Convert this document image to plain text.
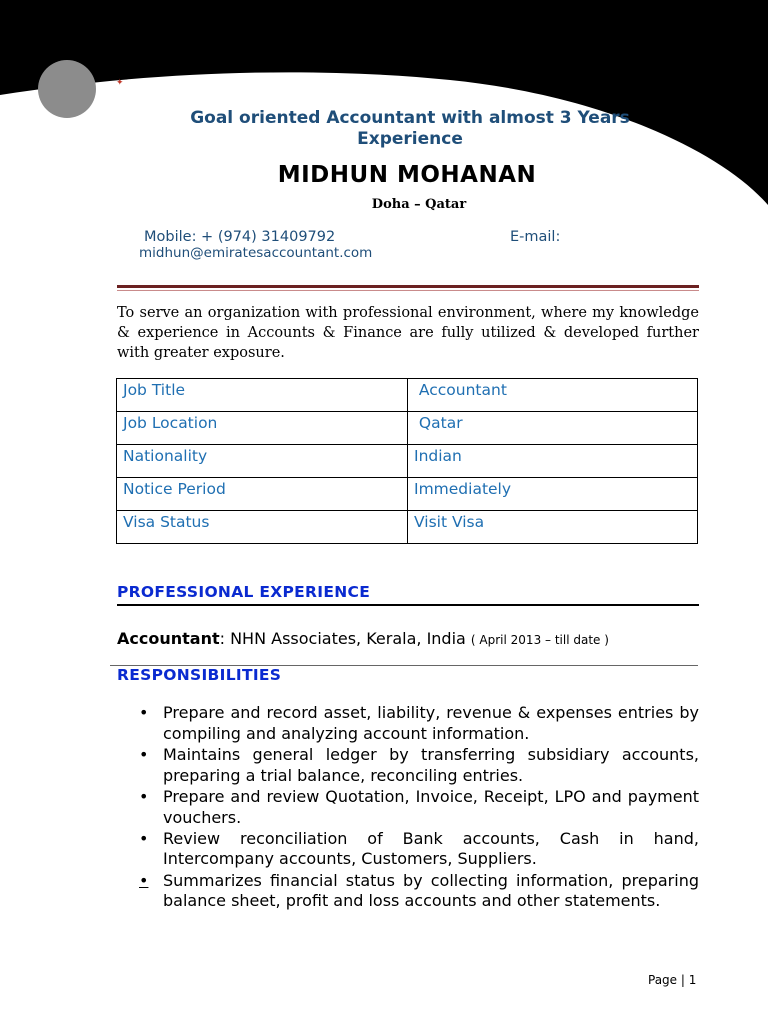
✦
Goal oriented Accountant with almost 3 Years Experience
MIDHUN MOHANAN
Doha – Qatar
Mobile: + (974) 31409792	E-mail:
midhun@emiratesaccountant.com

To serve an organization with professional environment, where my knowledge & experience in Accounts & Finance are fully utilized & developed further with greater exposure.

Job Title	Accountant
Job Location	Qatar
Nationality	Indian
Notice Period	Immediately
Visa Status	Visit Visa
PROFESSIONAL EXPERIENCE
Accountant: NHN Associates, Kerala, India ( April 2013 – till date )
RESPONSIBILITIES
• Prepare and record asset, liability, revenue & expenses entries by compiling and analyzing account information.
• Maintains general ledger by transferring subsidiary accounts, preparing a trial balance, reconciling entries.
• Prepare and review Quotation, Invoice, Receipt, LPO and payment vouchers.
• Review reconciliation of Bank accounts, Cash in hand, Intercompany accounts, Customers, Suppliers.
• Summarizes financial status by collecting information, preparing balance sheet, profit and loss accounts and other statements.
Page | 1
